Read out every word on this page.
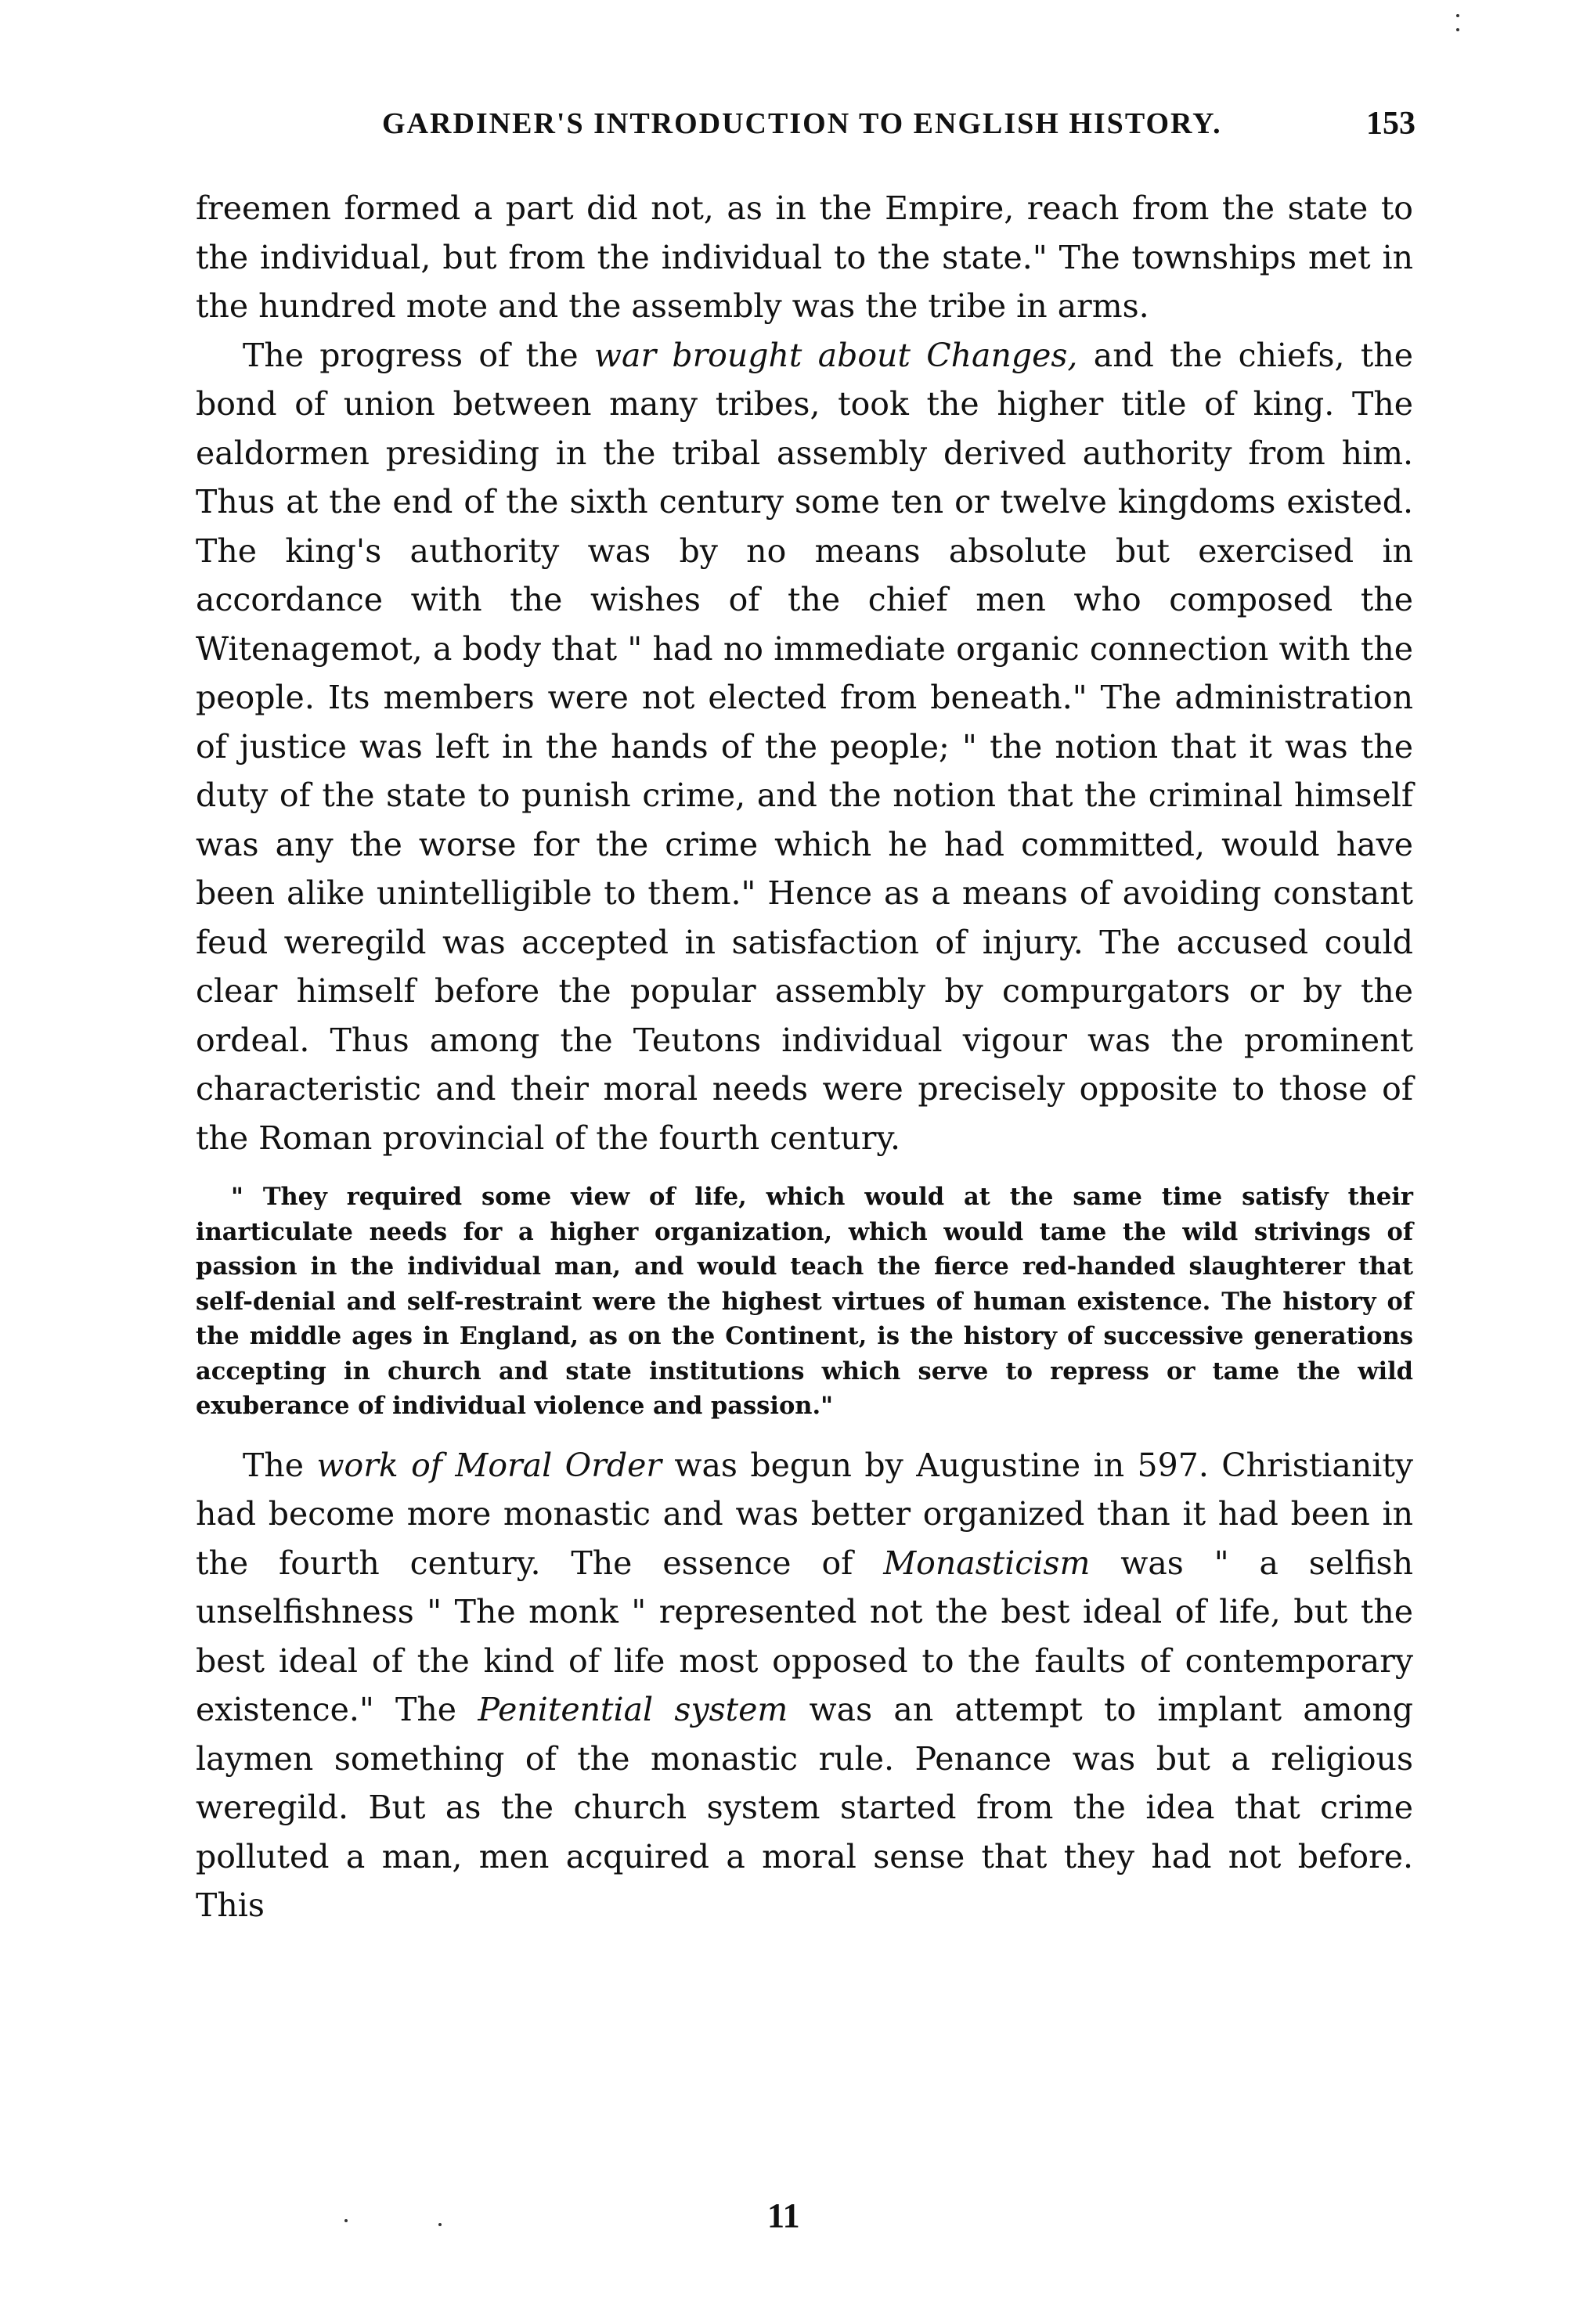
GARDINER'S INTRODUCTION TO ENGLISH HISTORY.	153

freemen formed a part did not, as in the Empire, reach from the state to the individual, but from the individual to the state." The townships met in the hundred mote and the assembly was the tribe in arms.

The progress of the war brought about Changes, and the chiefs, the bond of union between many tribes, took the higher title of king. The ealdormen presiding in the tribal assembly derived authority from him. Thus at the end of the sixth century some ten or twelve kingdoms existed. The king's authority was by no means absolute but exercised in accordance with the wishes of the chief men who composed the Witenagemot, a body that " had no immediate organic connection with the people. Its members were not elected from beneath." The administration of justice was left in the hands of the people; " the notion that it was the duty of the state to punish crime, and the notion that the criminal himself was any the worse for the crime which he had committed, would have been alike unintelligible to them." Hence as a means of avoiding constant feud weregild was accepted in satisfaction of injury. The accused could clear himself before the popular assembly by compurgators or by the ordeal. Thus among the Teutons individual vigour was the prominent characteristic and their moral needs were precisely opposite to those of the Roman provincial of the fourth century.

" They required some view of life, which would at the same time satisfy their inarticulate needs for a higher organization, which would tame the wild strivings of passion in the individual man, and would teach the fierce red-handed slaughterer that self-denial and self-restraint were the highest virtues of human existence. The history of the middle ages in England, as on the Continent, is the history of successive generations accepting in church and state institutions which serve to repress or tame the wild exuberance of individual violence and passion."

The work of Moral Order was begun by Augustine in 597. Christianity had become more monastic and was better organized than it had been in the fourth century. The essence of Monasticism was " a selfish unselfishness " The monk " represented not the best ideal of life, but the best ideal of the kind of life most opposed to the faults of contemporary existence." The Penitential system was an attempt to implant among laymen something of the monastic rule. Penance was but a religious weregild. But as the church system started from the idea that crime polluted a man, men acquired a moral sense that they had not before. This

11
